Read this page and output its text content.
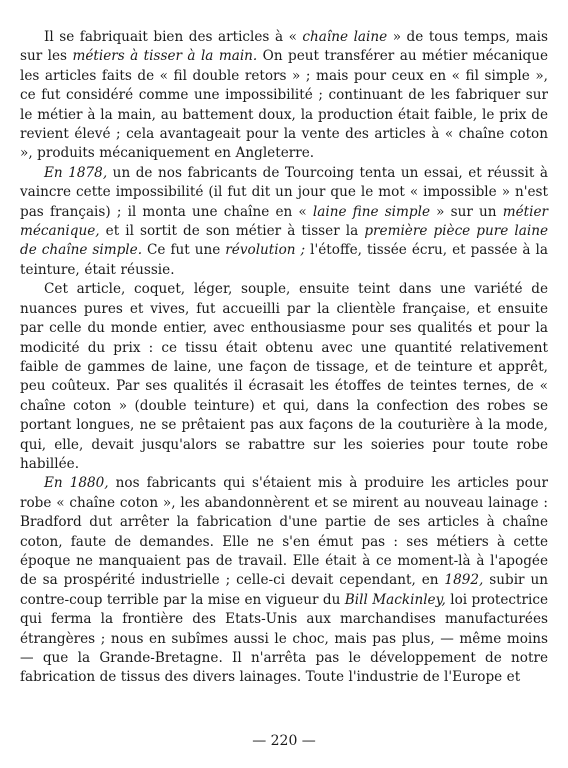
Il se fabriquait bien des articles à « chaîne laine » de tous temps, mais sur les métiers à tisser à la main. On peut transférer au métier mécanique les articles faits de « fil double retors » ; mais pour ceux en « fil simple », ce fut considéré comme une impossibilité ; continuant de les fabriquer sur le métier à la main, au battement doux, la production était faible, le prix de revient élevé ; cela avantageait pour la vente des articles à « chaîne coton », produits mécaniquement en Angleterre.

En 1878, un de nos fabricants de Tourcoing tenta un essai, et réussit à vaincre cette impossibilité (il fut dit un jour que le mot « impossible » n'est pas français) ; il monta une chaîne en « laine fine simple » sur un métier mécanique, et il sortit de son métier à tisser la première pièce pure laine de chaîne simple. Ce fut une révolution ; l'étoffe, tissée écru, et passée à la teinture, était réussie.

Cet article, coquet, léger, souple, ensuite teint dans une variété de nuances pures et vives, fut accueilli par la clientèle française, et ensuite par celle du monde entier, avec enthousiasme pour ses qualités et pour la modicité du prix : ce tissu était obtenu avec une quantité relativement faible de gammes de laine, une façon de tissage, et de teinture et apprêt, peu coûteux. Par ses qualités il écrasait les étoffes de teintes ternes, de « chaîne coton » (double teinture) et qui, dans la confection des robes se portant longues, ne se prêtaient pas aux façons de la couturière à la mode, qui, elle, devait jusqu'alors se rabattre sur les soieries pour toute robe habillée.

En 1880, nos fabricants qui s'étaient mis à produire les articles pour robe « chaîne coton », les abandonnèrent et se mirent au nouveau lainage : Bradford dut arrêter la fabrication d'une partie de ses articles à chaîne coton, faute de demandes. Elle ne s'en émut pas : ses métiers à cette époque ne manquaient pas de travail. Elle était à ce moment-là à l'apogée de sa prospérité industrielle ; celle-ci devait cependant, en 1892, subir un contre-coup terrible par la mise en vigueur du Bill Mackinley, loi protectrice qui ferma la frontière des Etats-Unis aux marchandises manufacturées étrangères ; nous en subîmes aussi le choc, mais pas plus, — même moins — que la Grande-Bretagne. Il n'arrêta pas le développement de notre fabrication de tissus des divers lainages. Toute l'industrie de l'Europe et

— 220 —
